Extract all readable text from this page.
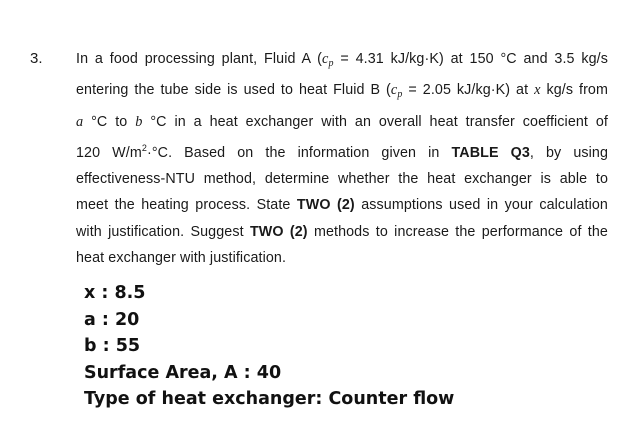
3. In a food processing plant, Fluid A ($c_p = 4.31$ kJ/kg·K) at 150 °C and 3.5 kg/s
entering the tube side is used to heat Fluid B ($c_p = 2.05$ kJ/kg·K) at x kg/s from
a °C to b °C in a heat exchanger with an overall heat transfer coefficient of
120 $W/m^2\cdot^\circ C$. Based on the information given in TABLE Q3, by using
effectiveness-NTU method, determine whether the heat exchanger is able to
meet the heating process. State TWO (2) assumptions used in your calculation
with justification. Suggest TWO (2) methods to increase the performance of the
heat exchanger with justification.
x : 8.5
a : 20
b : 55
Surface Area, A : 40
Type of heat exchanger: Counter flow
